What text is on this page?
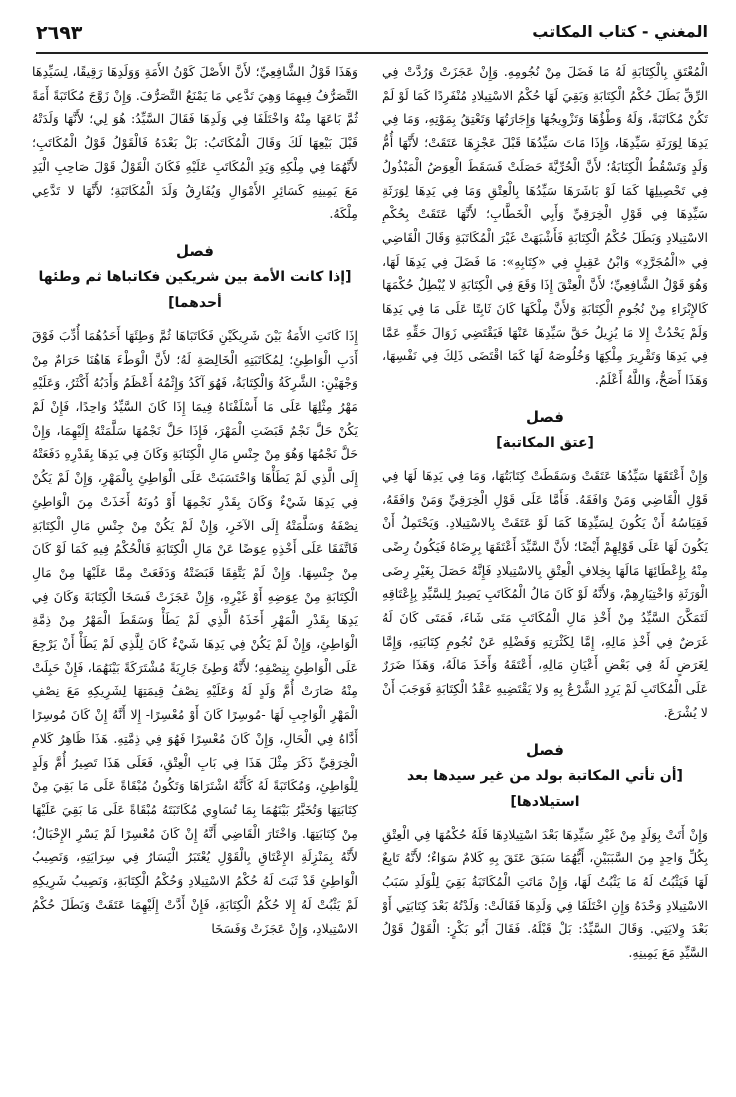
المغني - كتاب المكاتب
٢٦٩٣

الْمُعْتَقِ بِالْكِتَابَةِ لَهُ مَا فَضَلَ مِنْ نُجُومِهِ. وَإِنْ عَجَزَتْ وَرُدَّتْ فِي الرِّقِّ بَطَلَ حُكْمُ الْكِتَابَةِ وَبَقِيَ لَهَا حُكْمُ الاسْتِيلادِ مُنْفَرِدًا كَمَا لَوْ لَمْ تَكُنْ مُكَاتَبَةً، وَلَهُ وَطْؤُهَا وَتَزْوِيجُهَا وَإِجَارَتُهَا وَتَعْتِقُ بِمَوْتِهِ، وَمَا فِي يَدِهَا لِوَرَثَةِ سَيِّدِهَا، وَإِذَا مَاتَ سَيِّدُهَا قَبْلَ عَجْزِهَا عَتَقَتْ؛ لأَنَّهَا أُمُّ وَلَدٍ وَتَسْقُطُ الْكِتَابَةُ؛ لأَنَّ الْحُرِّيَّةَ حَصَلَتْ فَسَقَطَ الْعِوَضُ الْمَبْذُولُ فِي تَحْصِيلِهَا كَمَا لَوْ بَاشَرَهَا سَيِّدُهَا بِالْعِتْقِ وَمَا فِي يَدِهَا لِوَرَثَةِ سَيِّدِهَا فِي قَوْلِ الْخِرَقِيِّ وَأَبِي الْخَطَّابِ؛ لأَنَّهَا عَتَقَتْ بِحُكْمِ الاسْتِيلادِ وَبَطَلَ حُكْمُ الْكِتَابَةِ فَأَشْبَهَتْ غَيْرَ الْمُكَاتَبَةِ وَقَالَ الْقَاضِي فِي «الْمُجَرَّدِ» وَابْنُ عَقِيلٍ فِي «كِتَابِهِ»: مَا فَضَلَ فِي يَدِهَا لَهَا، وَهُوَ قَوْلُ الشَّافِعِيِّ؛ لأَنَّ الْعِتْقَ إِذَا وَقَعَ فِي الْكِتَابَةِ لا يُبْطِلُ حُكْمَهَا كَالإِبْرَاءِ مِنْ نُجُومِ الْكِتَابَةِ وَلأَنَّ مِلْكَهَا كَانَ ثَابِتًا عَلَى مَا فِي يَدِهَا وَلَمْ يَحْدُثْ إِلا مَا يُزِيلُ حَقَّ سَيِّدِهَا عَنْهَا فَيَقْتَضِي زَوَالَ حَقِّهِ عَمَّا فِي يَدِهَا وَتَقْرِيرَ مِلْكِهَا وَخُلُوصَهُ لَهَا كَمَا اقْتَضَى ذَلِكَ فِي نَفْسِهَا، وَهَذَا أَصَحُّ، وَاللَّهُ أَعْلَمُ.

فصل

[عتق المكاتبة]

وَإِنْ أَعْتَقَهَا سَيِّدُهَا عَتَقَتْ وَسَقَطَتْ كِتَابَتُهَا، وَمَا فِي يَدِهَا لَهَا فِي قَوْلِ الْقَاضِي وَمَنْ وَافَقَهُ. فَأَمَّا عَلَى قَوْلِ الْخِرَقِيِّ وَمَنْ وَافَقَهُ، فَقِيَاسُهُ أَنْ يَكُونَ لِسَيِّدِهَا كَمَا لَوْ عَتَقَتْ بِالاسْتِيلادِ. وَيَحْتَمِلُ أَنْ يَكُونَ لَهَا عَلَى قَوْلِهِمْ أَيْضًا؛ لأَنَّ السَّيِّدَ أَعْتَقَهَا بِرِضَاهُ فَيَكُونُ رِضًى مِنْهُ بِإِعْطَائِهَا مَالَهَا بِخِلافِ الْعِتْقِ بِالاسْتِيلادِ فَإِنَّهُ حَصَلَ بِغَيْرِ رِضَى الْوَرَثَةِ وَاخْتِيَارِهِمْ، وَلأَنَّهُ لَوْ كَانَ مَالُ الْمُكَاتَبِ يَصِيرُ لِلسَّيِّدِ بِإِعْتَاقِهِ لَتَمَكَّنَ السَّيِّدُ مِنْ أَخْذِ مَالِ الْمُكَاتَبِ مَتَى شَاءَ، فَمَتَى كَانَ لَهُ غَرَضٌ فِي أَخْذِ مَالِهِ، إِمَّا لِكَثْرَتِهِ وَفَضْلِهِ عَنْ نُجُومِ كِتَابَتِهِ، وَإِمَّا لِغَرَضٍ لَهُ فِي بَعْضِ أَعْيَانِ مَالِهِ، أَعْتَقَهُ وَأَخَذَ مَالَهُ، وَهَذَا ضَرَرٌ عَلَى الْمُكَاتَبِ لَمْ يَرِدِ الشَّرْعُ بِهِ وَلا يَقْتَضِيهِ عَقْدُ الْكِتَابَةِ فَوَجَبَ أَنْ لا يُشْرَعَ.

فصل

[أن تأتي المكاتبة بولد من غير سيدها بعد استيلادها]

وَإِنْ أَتَتْ بِوَلَدٍ مِنْ غَيْرِ سَيِّدِهَا بَعْدَ اسْتِيلادِهَا فَلَهُ حُكْمُهَا فِي الْعِتْقِ بِكُلِّ وَاحِدٍ مِنَ السَّبَبَيْنِ، أَيُّهُمَا سَبَقَ عَتَقَ بِهِ كَلامٌ سَوَاءٌ؛ لأَنَّهُ تَابِعٌ لَهَا فَيَثْبُتُ لَهُ مَا يَثْبُتُ لَهَا، وَإِنْ مَاتَتِ الْمُكَاتَبَةُ بَقِيَ لِلْوَلَدِ سَبَبُ الاسْتِيلادِ وَحْدَهُ وَإِنِ اخْتَلَفَا فِي وَلَدِهَا فَقَالَتْ: وَلَدْتُهُ بَعْدَ كِتَابَتِي أَوْ بَعْدَ وِلايَتِي. وَقَالَ السَّيِّدُ: بَلْ قَبْلَهُ. فَقَالَ أَبُو بَكْرٍ: الْقَوْلُ قَوْلُ السَّيِّدِ مَعَ يَمِينِهِ.

وَهَذَا قَوْلُ الشَّافِعِيِّ؛ لأَنَّ الأَصْلَ كَوْنُ الأَمَةِ وَوَلَدِهَا رَقِيقًا، لِسَيِّدِهَا التَّصَرُّفُ فِيهِمَا وَهِيَ تَدَّعِي مَا يَمْنَعُ التَّصَرُّفَ. وَإِنْ زَوَّجَ مُكَاتَبَةً أَمَةً ثُمَّ بَاعَهَا مِنْهُ وَاخْتَلَفَا فِي وَلَدِهَا فَقَالَ السَّيِّدُ: هُوَ لِي؛ لأَنَّهَا وَلَدَتْهُ قَبْلَ بَيْعِهَا لَكَ وَقَالَ الْمُكَاتَبُ: بَلْ بَعْدَهُ فَالْقَوْلُ قَوْلُ الْمُكَاتَبِ؛ لأَنَّهُمَا فِي مِلْكِهِ وَيَدِ الْمُكَاتَبِ عَلَيْهِ فَكَانَ الْقَوْلُ قَوْلَ صَاحِبِ الْيَدِ مَعَ يَمِينِهِ كَسَائِرِ الأَمْوَالِ وَيُفَارِقُ وَلَدَ الْمُكَاتَبَةِ؛ لأَنَّهَا لا تَدَّعِي مِلْكَهُ.

فصل

[إذا كانت الأمة بين شريكين فكاتباها ثم وطئها أحدهما]

إِذَا كَانَتِ الأَمَةُ بَيْنَ شَرِيكَيْنِ فَكَاتَبَاهَا ثُمَّ وَطِئَهَا أَحَدُهُمَا أُدِّبَ فَوْقَ أَدَبِ الْوَاطِئِ؛ لِمُكَاتَبَتِهِ الْخَالِصَةِ لَهُ؛ لأَنَّ الْوَطْءَ هَاهُنَا حَرَامٌ مِنْ وَجْهَيْنِ: الشَّرِكَةُ وَالْكِتَابَةُ، فَهُوَ آكَدُ وَإِثْمُهُ أَعْظَمُ وَأَدَبُهُ أَكْثَرُ، وَعَلَيْهِ مَهْرُ مِثْلِهَا عَلَى مَا أَسْلَفْنَاهُ فِيمَا إِذَا كَانَ السَّيِّدُ وَاحِدًا، فَإِنْ لَمْ يَكُنْ حَلَّ نَجْمٌ قَبَضَتِ الْمَهْرَ، فَإِذَا حَلَّ نَجْمُهَا سَلَّمَتْهُ إِلَيْهِمَا، وَإِنْ حَلَّ نَجْمُهَا وَهُوَ مِنْ جِنْسِ مَالِ الْكِتَابَةِ وَكَانَ فِي يَدِهَا بِقَدْرِهِ دَفَعَتْهُ إِلَى الَّذِي لَمْ يَطَأْهَا وَاحْتَسَبَتْ عَلَى الْوَاطِئِ بِالْمَهْرِ، وَإِنْ لَمْ يَكُنْ فِي يَدِهَا شَيْءٌ وَكَانَ بِقَدْرِ نَجْمِهَا أَوْ دُونَهُ أَخَذَتْ مِنَ الْوَاطِئِ نِصْفَهُ وَسَلَّمَتْهُ إِلَى الآخَرِ، وَإِنْ لَمْ يَكُنْ مِنْ جِنْسِ مَالِ الْكِتَابَةِ فَاتَّفَقَا عَلَى أَخْذِهِ عِوَضًا عَنْ مَالِ الْكِتَابَةِ فَالْحُكْمُ فِيهِ كَمَا لَوْ كَانَ مِنْ جِنْسِهَا. وَإِنْ لَمْ يَتَّفِقَا قَبَضَتْهُ وَدَفَعَتْ مِمَّا عَلَيْهَا مِنْ مَالِ الْكِتَابَةِ مِنْ عِوَضِهِ أَوْ غَيْرِهِ، وَإِنْ عَجَزَتْ فَسَخَا الْكِتَابَةَ وَكَانَ فِي يَدِهَا بِقَدْرِ الْمَهْرِ أَخَذَهُ الَّذِي لَمْ يَطَأْ وَسَقَطَ الْمَهْرُ مِنْ ذِمَّةِ الْوَاطِئِ، وَإِنْ لَمْ يَكُنْ فِي يَدِهَا شَيْءٌ كَانَ لِلَّذِي لَمْ يَطَأْ أَنْ يَرْجِعَ عَلَى الْوَاطِئِ بِنِصْفِهِ؛ لأَنَّهُ وَطِئَ جَارِيَةً مُشْتَرَكَةً بَيْنَهُمَا، فَإِنْ حَبِلَتْ مِنْهُ صَارَتْ أُمَّ وَلَدٍ لَهُ وَعَلَيْهِ نِصْفُ قِيمَتِهَا لِشَرِيكِهِ مَعَ نِصْفِ الْمَهْرِ الْوَاجِبِ لَهَا -مُوسِرًا كَانَ أَوْ مُعْسِرًا- إِلا أَنَّهُ إِنْ كَانَ مُوسِرًا أَدَّاهُ فِي الْحَالِ، وَإِنْ كَانَ مُعْسِرًا فَهُوَ فِي ذِمَّتِهِ. هَذَا ظَاهِرُ كَلامِ الْخِرَقِيِّ ذَكَرَ مِثْلَ هَذَا فِي بَابِ الْعِتْقِ، فَعَلَى هَذَا تَصِيرُ أُمَّ وَلَدٍ لِلْوَاطِئِ، وَمُكَاتَبَةً لَهُ كَأَنَّهُ اشْتَرَاهَا وَتَكُونُ مُبْقَاةً عَلَى مَا بَقِيَ مِنْ كِتَابَتِهَا وَتُخَيَّرُ بَيْنَهُمَا بِمَا تُسَاوِي مُكَاتَبَتَهُ مُبْقَاةً عَلَى مَا بَقِيَ عَلَيْهَا مِنْ كِتَابَتِهَا. وَاخْتَارَ الْقَاضِي أَنَّهُ إِنْ كَانَ مُعْسِرًا لَمْ يَسْرِ الإِحْبَالُ؛ لأَنَّهُ بِمَنْزِلَةِ الإِعْتَاقِ بِالْقَوْلِ يُعْتَبَرُ الْيَسَارُ فِي سِرَايَتِهِ، وَنَصِيبُ الْوَاطِئِ قَدْ ثَبَتَ لَهُ حُكْمُ الاسْتِيلادِ وَحُكْمُ الْكِتَابَةِ، وَنَصِيبُ شَرِيكِهِ لَمْ يَثْبُتْ لَهُ إِلا حُكْمُ الْكِتَابَةِ، فَإِنْ أَدَّتْ إِلَيْهِمَا عَتَقَتْ وَبَطَلَ حُكْمُ الاسْتِيلادِ، وَإِنْ عَجَزَتْ وَفَسَخَا
